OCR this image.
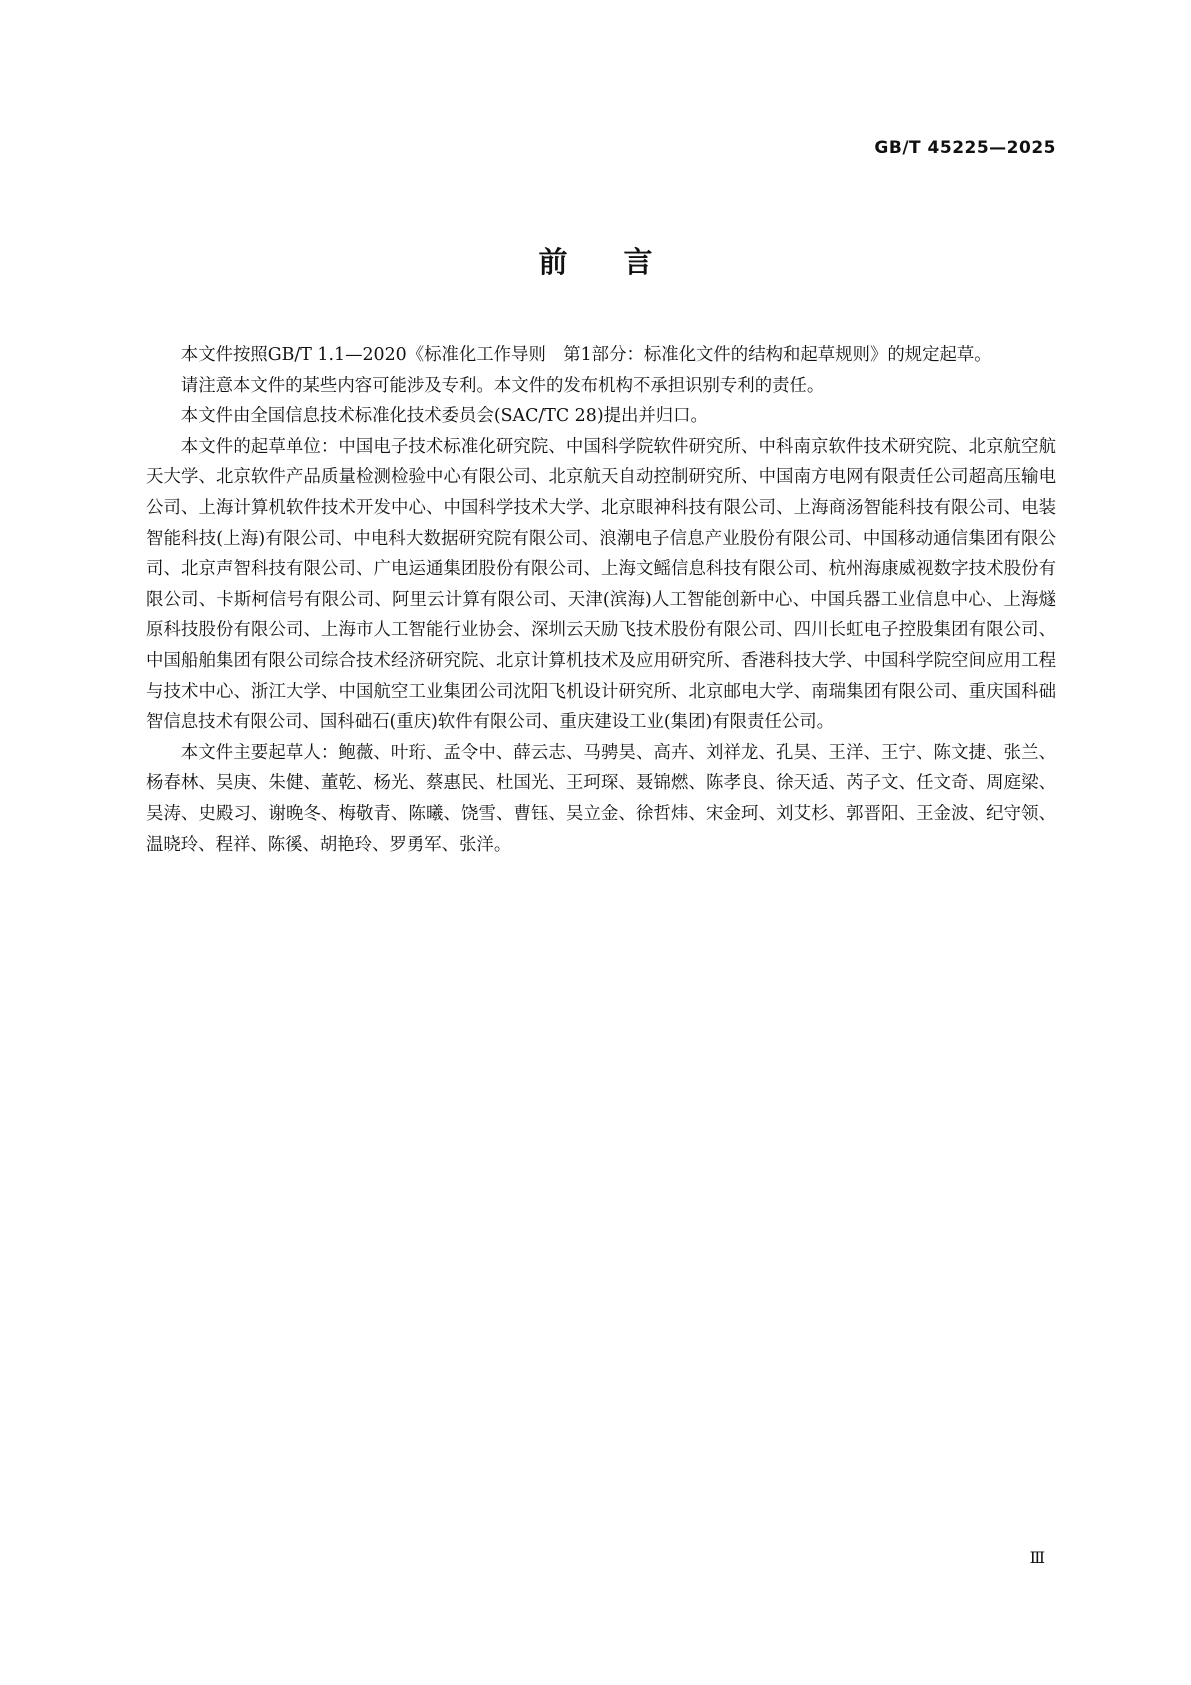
GB/T 45225—2025
前言

本文件按照GB/T 1.1—2020《标准化工作导则　第1部分：标准化文件的结构和起草规则》的规定起草。

请注意本文件的某些内容可能涉及专利。本文件的发布机构不承担识别专利的责任。

本文件由全国信息技术标准化技术委员会(SAC/TC 28)提出并归口。

本文件的起草单位：中国电子技术标准化研究院、中国科学院软件研究所、中科南京软件技术研究院、北京航空航天大学、北京软件产品质量检测检验中心有限公司、北京航天自动控制研究所、中国南方电网有限责任公司超高压输电公司、上海计算机软件技术开发中心、中国科学技术大学、北京眼神科技有限公司、上海商汤智能科技有限公司、电装智能科技(上海)有限公司、中电科大数据研究院有限公司、浪潮电子信息产业股份有限公司、中国移动通信集团有限公司、北京声智科技有限公司、广电运通集团股份有限公司、上海文鳐信息科技有限公司、杭州海康威视数字技术股份有限公司、卡斯柯信号有限公司、阿里云计算有限公司、天津(滨海)人工智能创新中心、中国兵器工业信息中心、上海燧原科技股份有限公司、上海市人工智能行业协会、深圳云天励飞技术股份有限公司、四川长虹电子控股集团有限公司、中国船舶集团有限公司综合技术经济研究院、北京计算机技术及应用研究所、香港科技大学、中国科学院空间应用工程与技术中心、浙江大学、中国航空工业集团公司沈阳飞机设计研究所、北京邮电大学、南瑞集团有限公司、重庆国科础智信息技术有限公司、国科础石(重庆)软件有限公司、重庆建设工业(集团)有限责任公司。

本文件主要起草人：鲍薇、叶珩、孟令中、薛云志、马骋昊、高卉、刘祥龙、孔昊、王洋、王宁、陈文捷、张兰、杨春林、吴庚、朱健、董乾、杨光、蔡惠民、杜国光、王珂琛、聂锦燃、陈孝良、徐天适、芮子文、任文奇、周庭梁、吴涛、史殿习、谢晚冬、梅敬青、陈曦、饶雪、曹钰、吴立金、徐哲炜、宋金珂、刘艾杉、郭晋阳、王金波、纪守领、温晓玲、程祥、陈徯、胡艳玲、罗勇军、张洋。

Ⅲ
